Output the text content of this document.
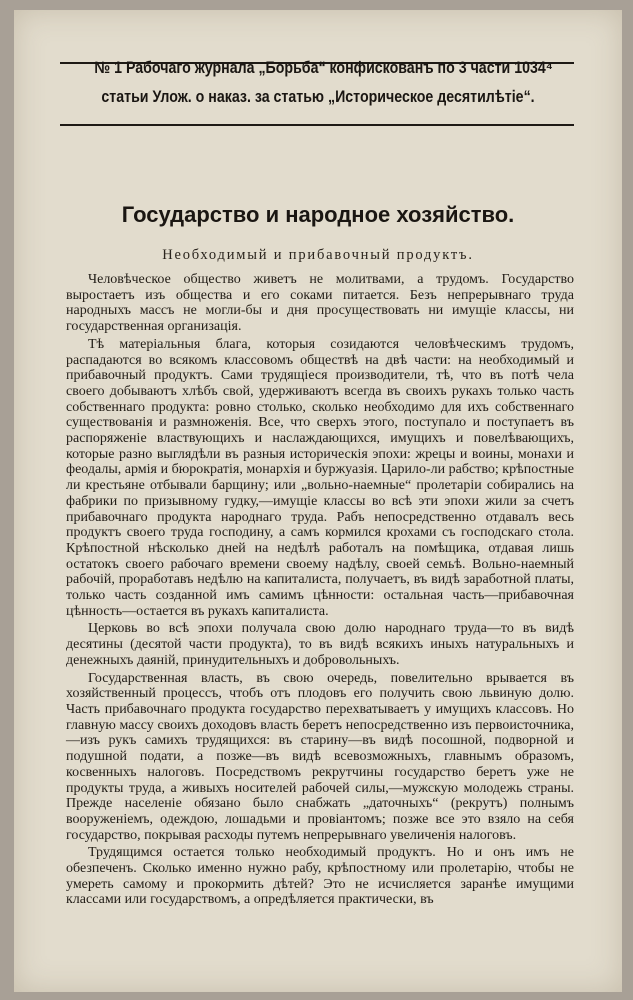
№ 1 Рабочаго журнала „Борьба“ конфискованъ по 3 части 1034⁴
статьи Улож. о наказ. за статью „Историческое десятилѣтіе“.
Государство и народное хозяйство.
Необходимый и прибавочный продуктъ.

Человѣческое общество живетъ не молитвами, а трудомъ. Государство выростаетъ изъ общества и его соками питается. Безъ непрерывнаго труда народныхъ массъ не могли-бы и дня просуществовать ни имущіе классы, ни государственная организація.

Тѣ матеріальныя блага, которыя созидаются человѣческимъ трудомъ, распадаются во всякомъ классовомъ обществѣ на двѣ части: на необходимый и прибавочный продуктъ. Сами трудящіеся производители, тѣ, что въ потѣ чела своего добываютъ хлѣбъ свой, удерживаютъ всегда въ своихъ рукахъ только часть собственнаго продукта: ровно столько, сколько необходимо для ихъ собственнаго существованія и размноженія. Все, что сверхъ этого, поступало и поступаетъ въ распоряженіе властвующихъ и наслаждающихся, имущихъ и повелѣвающихъ, которые разно выглядѣли въ разныя историческія эпохи: жрецы и воины, монахи и феодалы, армія и бюрократія, монархія и буржуазія. Царило-ли рабство; крѣпостные ли крестьяне отбывали барщину; или „вольно-наемные“ пролетаріи собирались на фабрики по призывному гудку,—имущіе классы во всѣ эти эпохи жили за счетъ прибавочнаго продукта народнаго труда. Рабъ непосредственно отдавалъ весь продуктъ своего труда господину, а самъ кормился крохами съ господскаго стола. Крѣпостной нѣсколько дней на недѣлѣ работалъ на помѣщика, отдавая лишь остатокъ своего рабочаго времени своему надѣлу, своей семьѣ. Вольно-наемный рабочій, проработавъ недѣлю на капиталиста, получаетъ, въ видѣ заработной платы, только часть созданной имъ самимъ цѣнности: остальная часть—прибавочная цѣнность—остается въ рукахъ капиталиста.

Церковь во всѣ эпохи получала свою долю народнаго труда—то въ видѣ десятины (десятой части продукта), то въ видѣ всякихъ иныхъ натуральныхъ и денежныхъ даяній, принудительныхъ и добровольныхъ.

Государственная власть, въ свою очередь, повелительно врывается въ хозяйственный процессъ, чтобъ отъ плодовъ его получить свою львиную долю. Часть прибавочнаго продукта государство перехватываетъ у имущихъ классовъ. Но главную массу своихъ доходовъ власть беретъ непосредственно изъ первоисточника,—изъ рукъ самихъ трудящихся: въ старину—въ видѣ посошной, подворной и подушной подати, а позже—въ видѣ всевозможныхъ, главнымъ образомъ, косвенныхъ налоговъ. Посредствомъ рекрутчины государство беретъ уже не продукты труда, а живыхъ носителей рабочей силы,—мужскую молодежь страны. Прежде населеніе обязано было снабжать „даточныхъ“ (рекрутъ) полнымъ вооруженіемъ, одеждою, лошадьми и провіантомъ; позже все это взяло на себя государство, покрывая расходы путемъ непрерывнаго увеличенія налоговъ.

Трудящимся остается только необходимый продуктъ. Но и онъ имъ не обезпеченъ. Сколько именно нужно рабу, крѣпостному или пролетарію, чтобы не умереть самому и прокормить дѣтей? Это не исчисляется заранѣе имущими классами или государствомъ, а опредѣляется практически, въ
